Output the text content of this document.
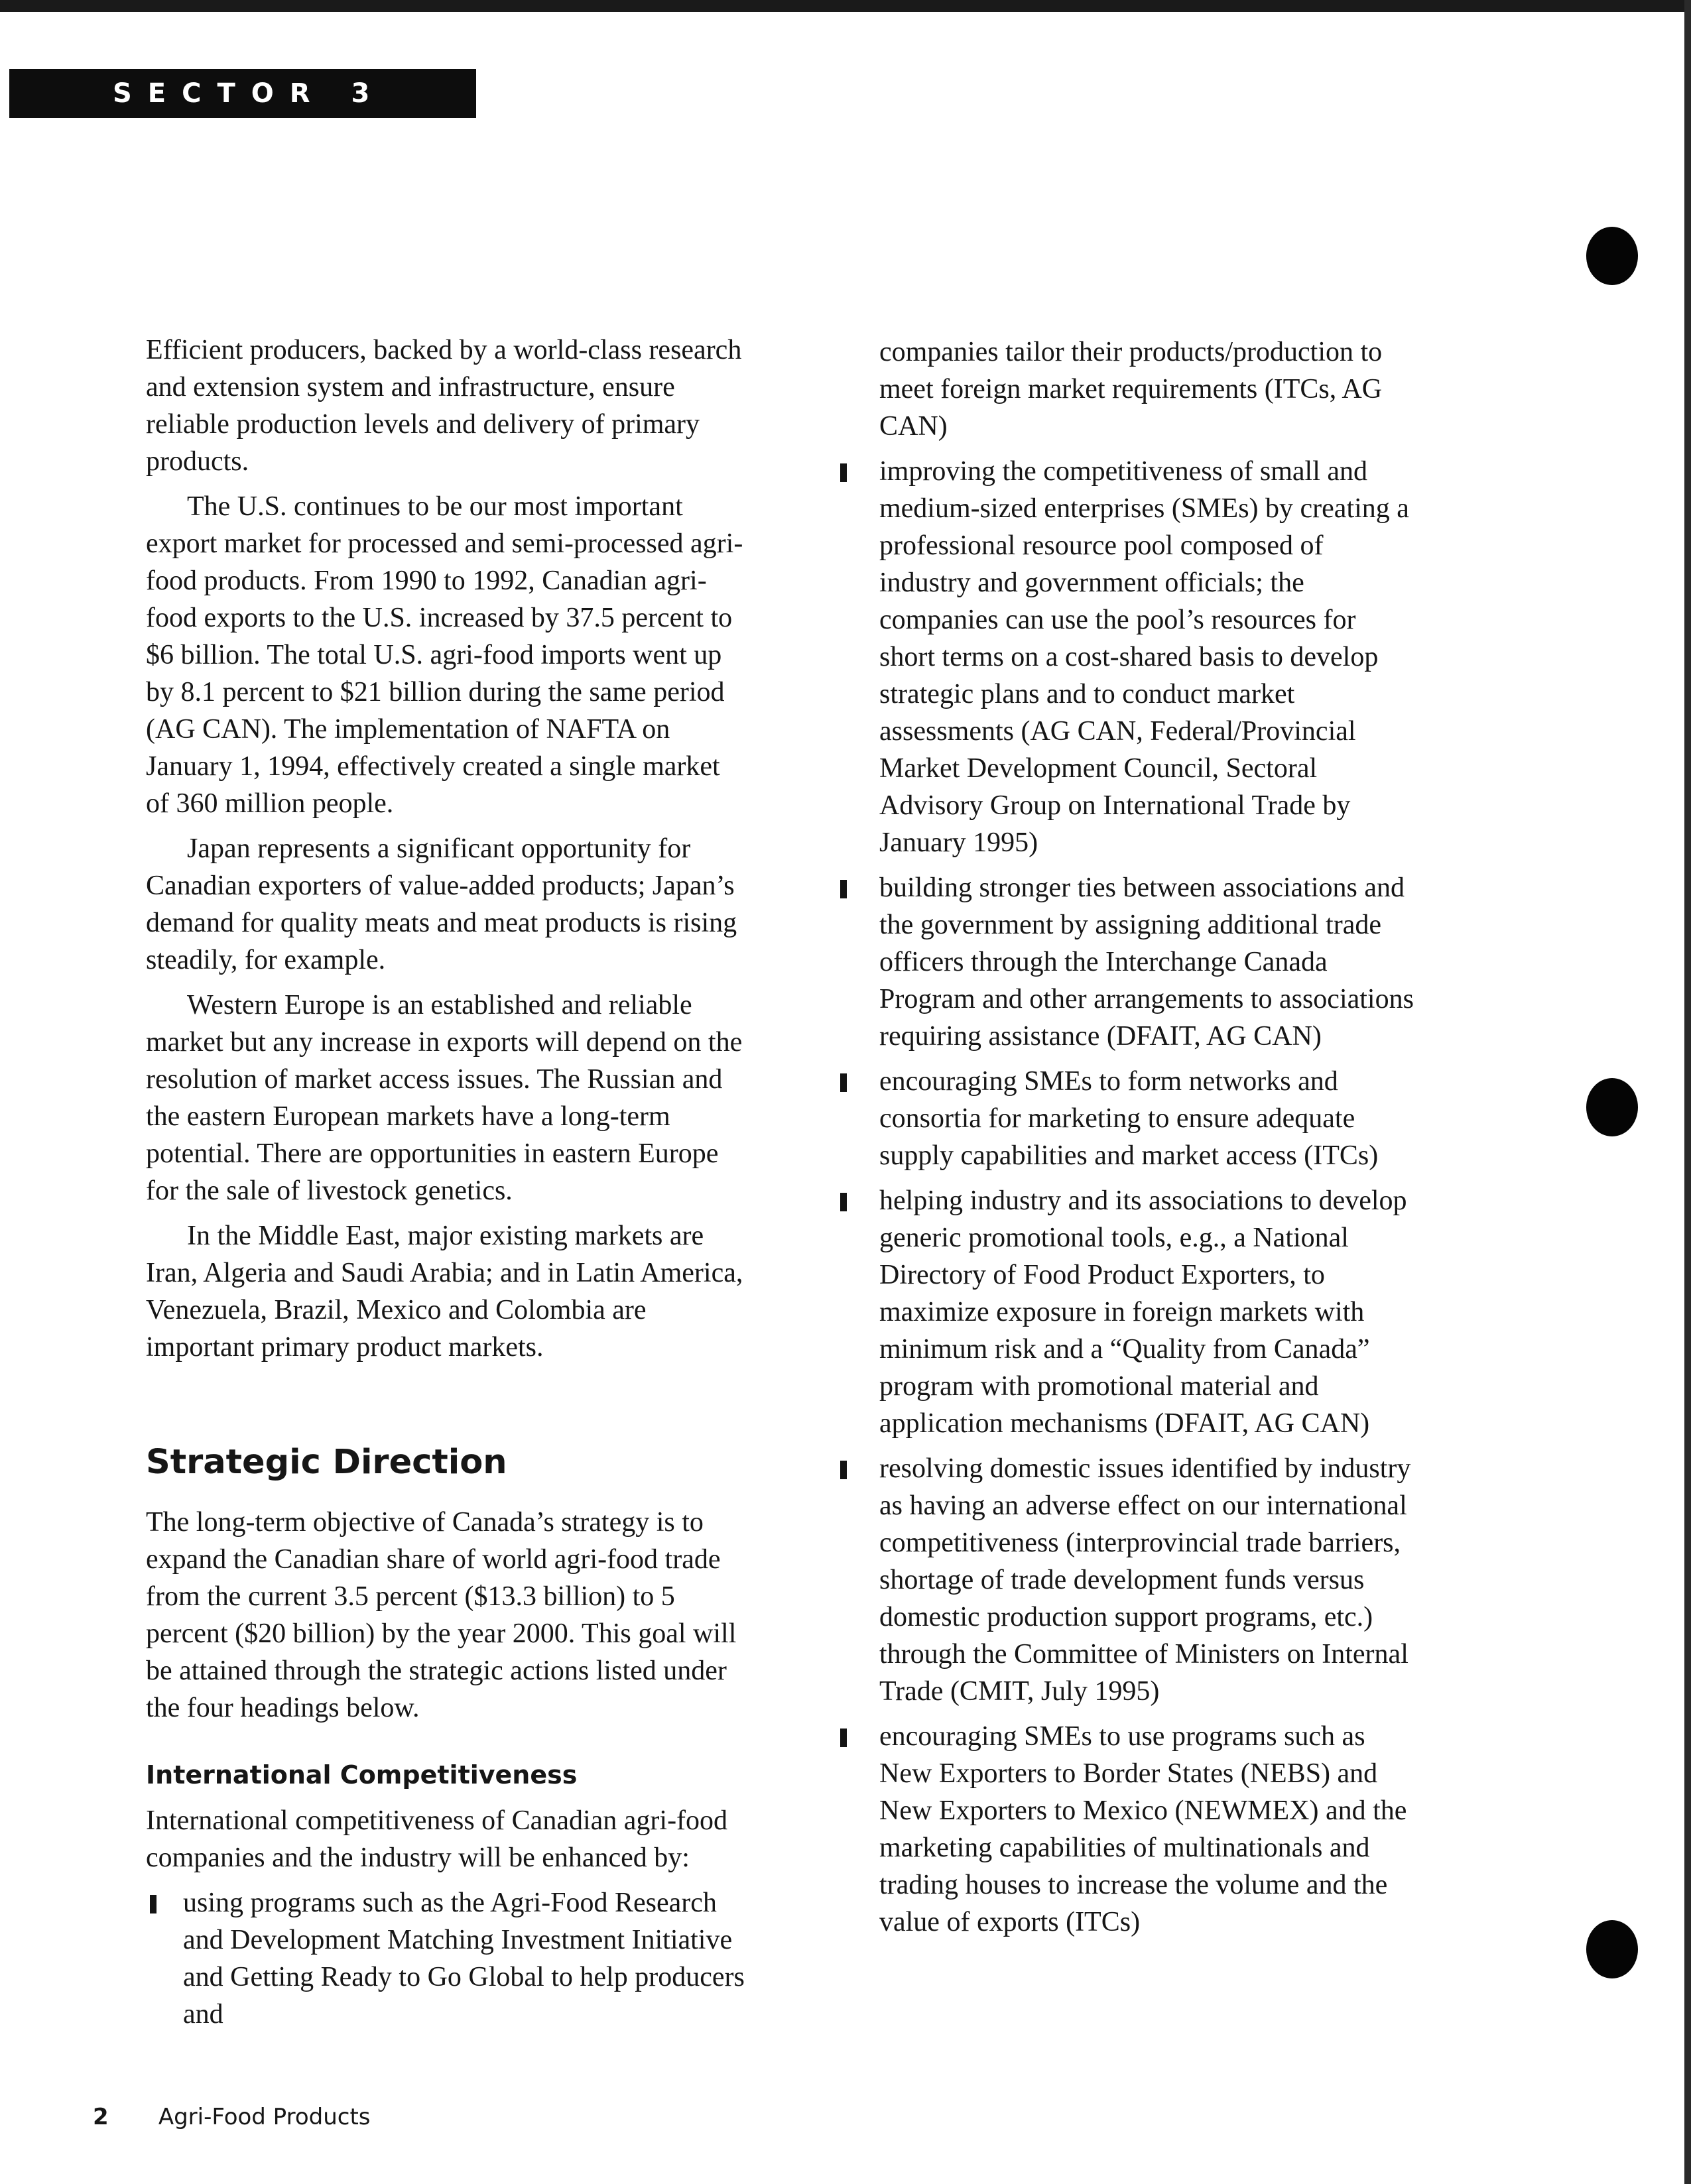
SECTOR 3

Efficient producers, backed by a world-class research and extension system and infrastructure, ensure reliable production levels and delivery of primary products.

The U.S. continues to be our most important export market for processed and semi-processed agri-food products. From 1990 to 1992, Canadian agri-food exports to the U.S. increased by 37.5 percent to $6 billion. The total U.S. agri-food imports went up by 8.1 percent to $21 billion during the same period (AG CAN). The implementation of NAFTA on January 1, 1994, effectively created a single market of 360 million people.

Japan represents a significant opportunity for Canadian exporters of value-added products; Japan’s demand for quality meats and meat products is rising steadily, for example.

Western Europe is an established and reliable market but any increase in exports will depend on the resolution of market access issues. The Russian and the eastern European markets have a long-term potential. There are opportunities in eastern Europe for the sale of livestock genetics.

In the Middle East, major existing markets are Iran, Algeria and Saudi Arabia; and in Latin America, Venezuela, Brazil, Mexico and Colombia are important primary product markets.

Strategic Direction

The long-term objective of Canada’s strategy is to expand the Canadian share of world agri-food trade from the current 3.5 percent ($13.3 billion) to 5 percent ($20 billion) by the year 2000. This goal will be attained through the strategic actions listed under the four headings below.

International Competitiveness

International competitiveness of Canadian agri-food companies and the industry will be enhanced by:

using programs such as the Agri-Food Research and Development Matching Investment Initiative and Getting Ready to Go Global to help producers and

companies tailor their products/production to meet foreign market requirements (ITCs, AG CAN)

improving the competitiveness of small and medium-sized enterprises (SMEs) by creating a professional resource pool composed of industry and government officials; the companies can use the pool’s resources for short terms on a cost-shared basis to develop strategic plans and to conduct market assessments (AG CAN, Federal/Provincial Market Development Council, Sectoral Advisory Group on International Trade by January 1995)
building stronger ties between associations and the government by assigning additional trade officers through the Interchange Canada Program and other arrangements to associations requiring assistance (DFAIT, AG CAN)
encouraging SMEs to form networks and consortia for marketing to ensure adequate supply capabilities and market access (ITCs)
helping industry and its associations to develop generic promotional tools, e.g., a National Directory of Food Product Exporters, to maximize exposure in foreign markets with minimum risk and a “Quality from Canada” program with promotional material and application mechanisms (DFAIT, AG CAN)
resolving domestic issues identified by industry as having an adverse effect on our international competitiveness (interprovincial trade barriers, shortage of trade development funds versus domestic production support programs, etc.) through the Committee of Ministers on Internal Trade (CMIT, July 1995)
encouraging SMEs to use programs such as New Exporters to Border States (NEBS) and New Exporters to Mexico (NEWMEX) and the marketing capabilities of multinationals and trading houses to increase the volume and the value of exports (ITCs)
2 Agri-Food Products
